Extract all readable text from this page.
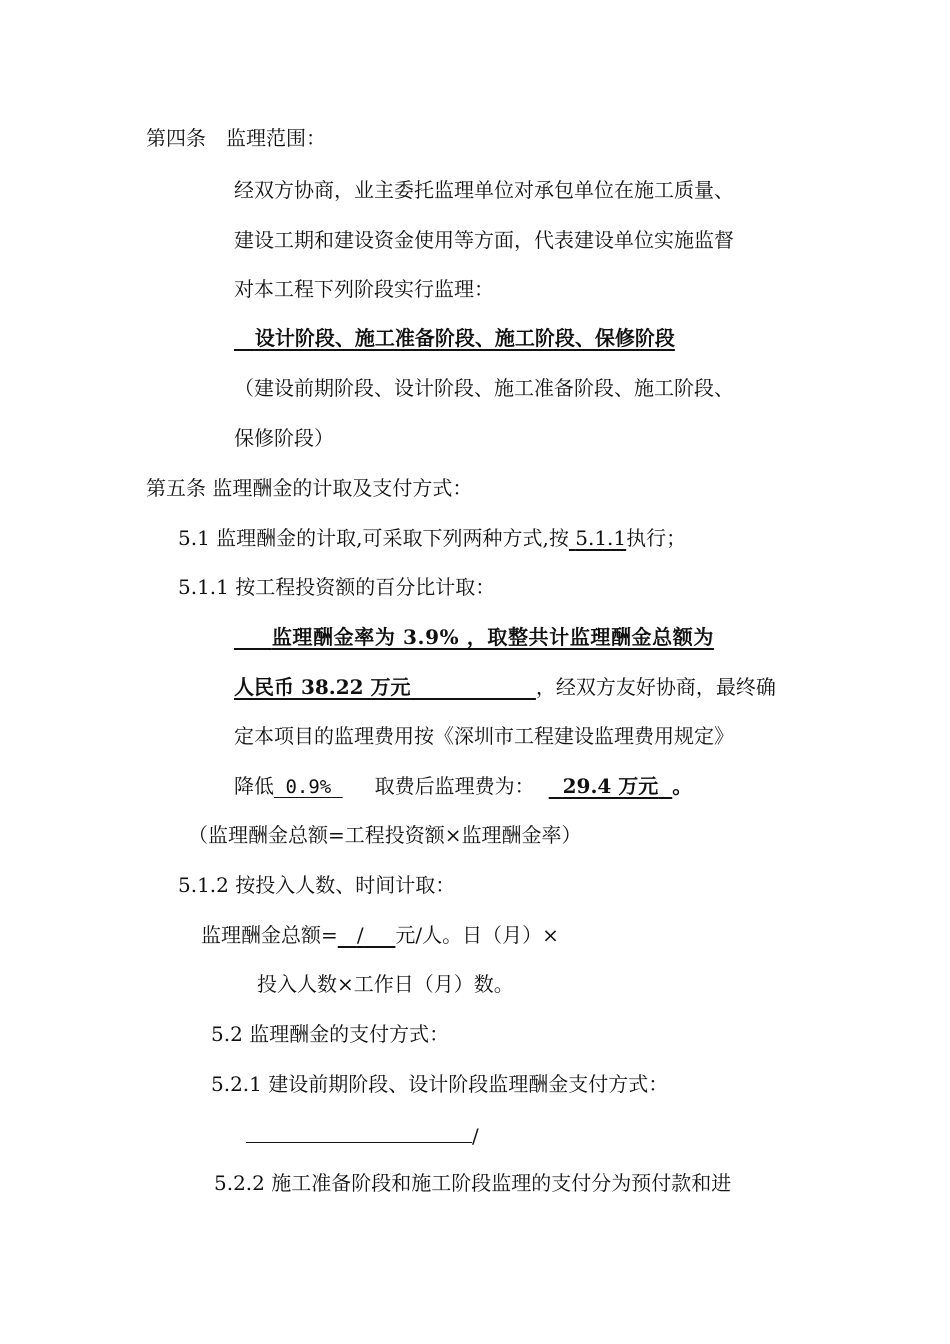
第四条　监理范围：
经双方协商，业主委托监理单位对承包单位在施工质量、
建设工期和建设资金使用等方面，代表建设单位实施监督
对本工程下列阶段实行监理：
设计阶段、施工准备阶段、施工阶段、保修阶段
（建设前期阶段、设计阶段、施工准备阶段、施工阶段、
保修阶段）
第五条 监理酬金的计取及支付方式：
5.1 监理酬金的计取,可采取下列两种方式,按 5.1.1执行；
5.1.1 按工程投资额的百分比计取：
监理酬金率为 3.9% ，取整共计监理酬金总额为
人民币 38.22 万元	，经双方友好协商，最终确
定本项目的监理费用按《深圳市工程建设监理费用规定》
降低 0.9% 取费后监理费为： 29.4 万元 。
（监理酬金总额=工程投资额×监理酬金率）
5.1.2 按投入人数、时间计取：
监理酬金总额= / 元/人。日（月）×
投入人数×工作日（月）数。
5.2 监理酬金的支付方式：
5.2.1 建设前期阶段、设计阶段监理酬金支付方式：
/
5.2.2 施工准备阶段和施工阶段监理的支付分为预付款和进
